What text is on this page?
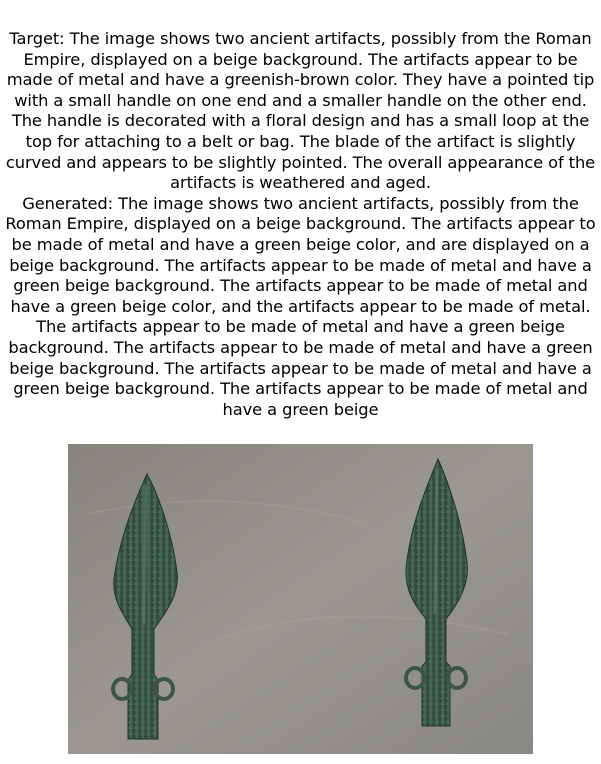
Target: The image shows two ancient artifacts, possibly from the Roman Empire, displayed on a beige background. The artifacts appear to be made of metal and have a greenish-brown color. They have a pointed tip with a small handle on one end and a smaller handle on the other end. The handle is decorated with a floral design and has a small loop at the top for attaching to a belt or bag. The blade of the artifact is slightly curved and appears to be slightly pointed. The overall appearance of the artifacts is weathered and aged.

Generated: The image shows two ancient artifacts, possibly from the Roman Empire, displayed on a beige background. The artifacts appear to be made of metal and have a green beige color, and are displayed on a beige background. The artifacts appear to be made of metal and have a green beige background. The artifacts appear to be made of metal and have a green beige color, and the artifacts appear to be made of metal. The artifacts appear to be made of metal and have a green beige background. The artifacts appear to be made of metal and have a green beige background. The artifacts appear to be made of metal and have a green beige background. The artifacts appear to be made of metal and have a green beige
